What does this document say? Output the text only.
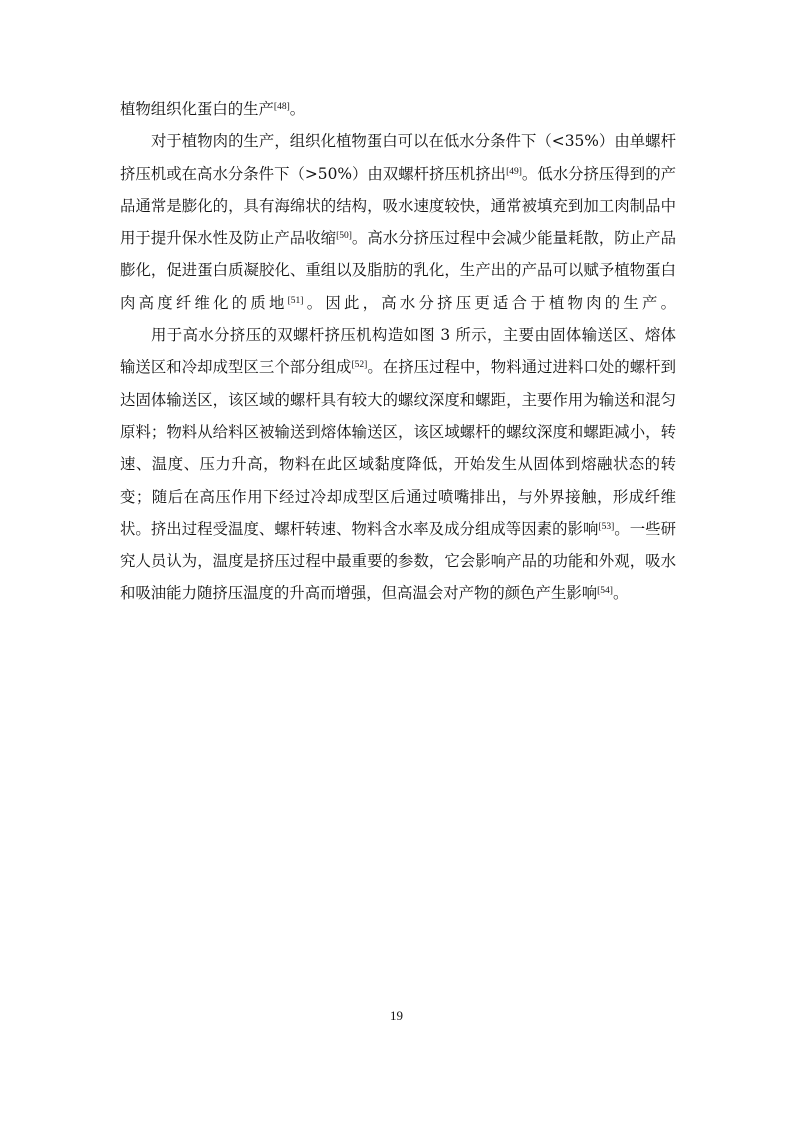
植物组织化蛋白的生产[48]。

对于植物肉的生产，组织化植物蛋白可以在低水分条件下（<35%）由单螺杆挤压机或在高水分条件下（>50%）由双螺杆挤压机挤出[49]。低水分挤压得到的产品通常是膨化的，具有海绵状的结构，吸水速度较快，通常被填充到加工肉制品中用于提升保水性及防止产品收缩[50]。高水分挤压过程中会减少能量耗散，防止产品膨化，促进蛋白质凝胶化、重组以及脂肪的乳化，生产出的产品可以赋予植物蛋白肉高度纤维化的质地[51]。因此，高水分挤压更适合于植物肉的生产。

用于高水分挤压的双螺杆挤压机构造如图 3 所示，主要由固体输送区、熔体输送区和冷却成型区三个部分组成[52]。在挤压过程中，物料通过进料口处的螺杆到达固体输送区，该区域的螺杆具有较大的螺纹深度和螺距，主要作用为输送和混匀原料；物料从给料区被输送到熔体输送区，该区域螺杆的螺纹深度和螺距减小，转速、温度、压力升高，物料在此区域黏度降低，开始发生从固体到熔融状态的转变；随后在高压作用下经过冷却成型区后通过喷嘴排出，与外界接触，形成纤维状。挤出过程受温度、螺杆转速、物料含水率及成分组成等因素的影响[53]。一些研究人员认为，温度是挤压过程中最重要的参数，它会影响产品的功能和外观，吸水和吸油能力随挤压温度的升高而增强，但高温会对产物的颜色产生影响[54]。

19
